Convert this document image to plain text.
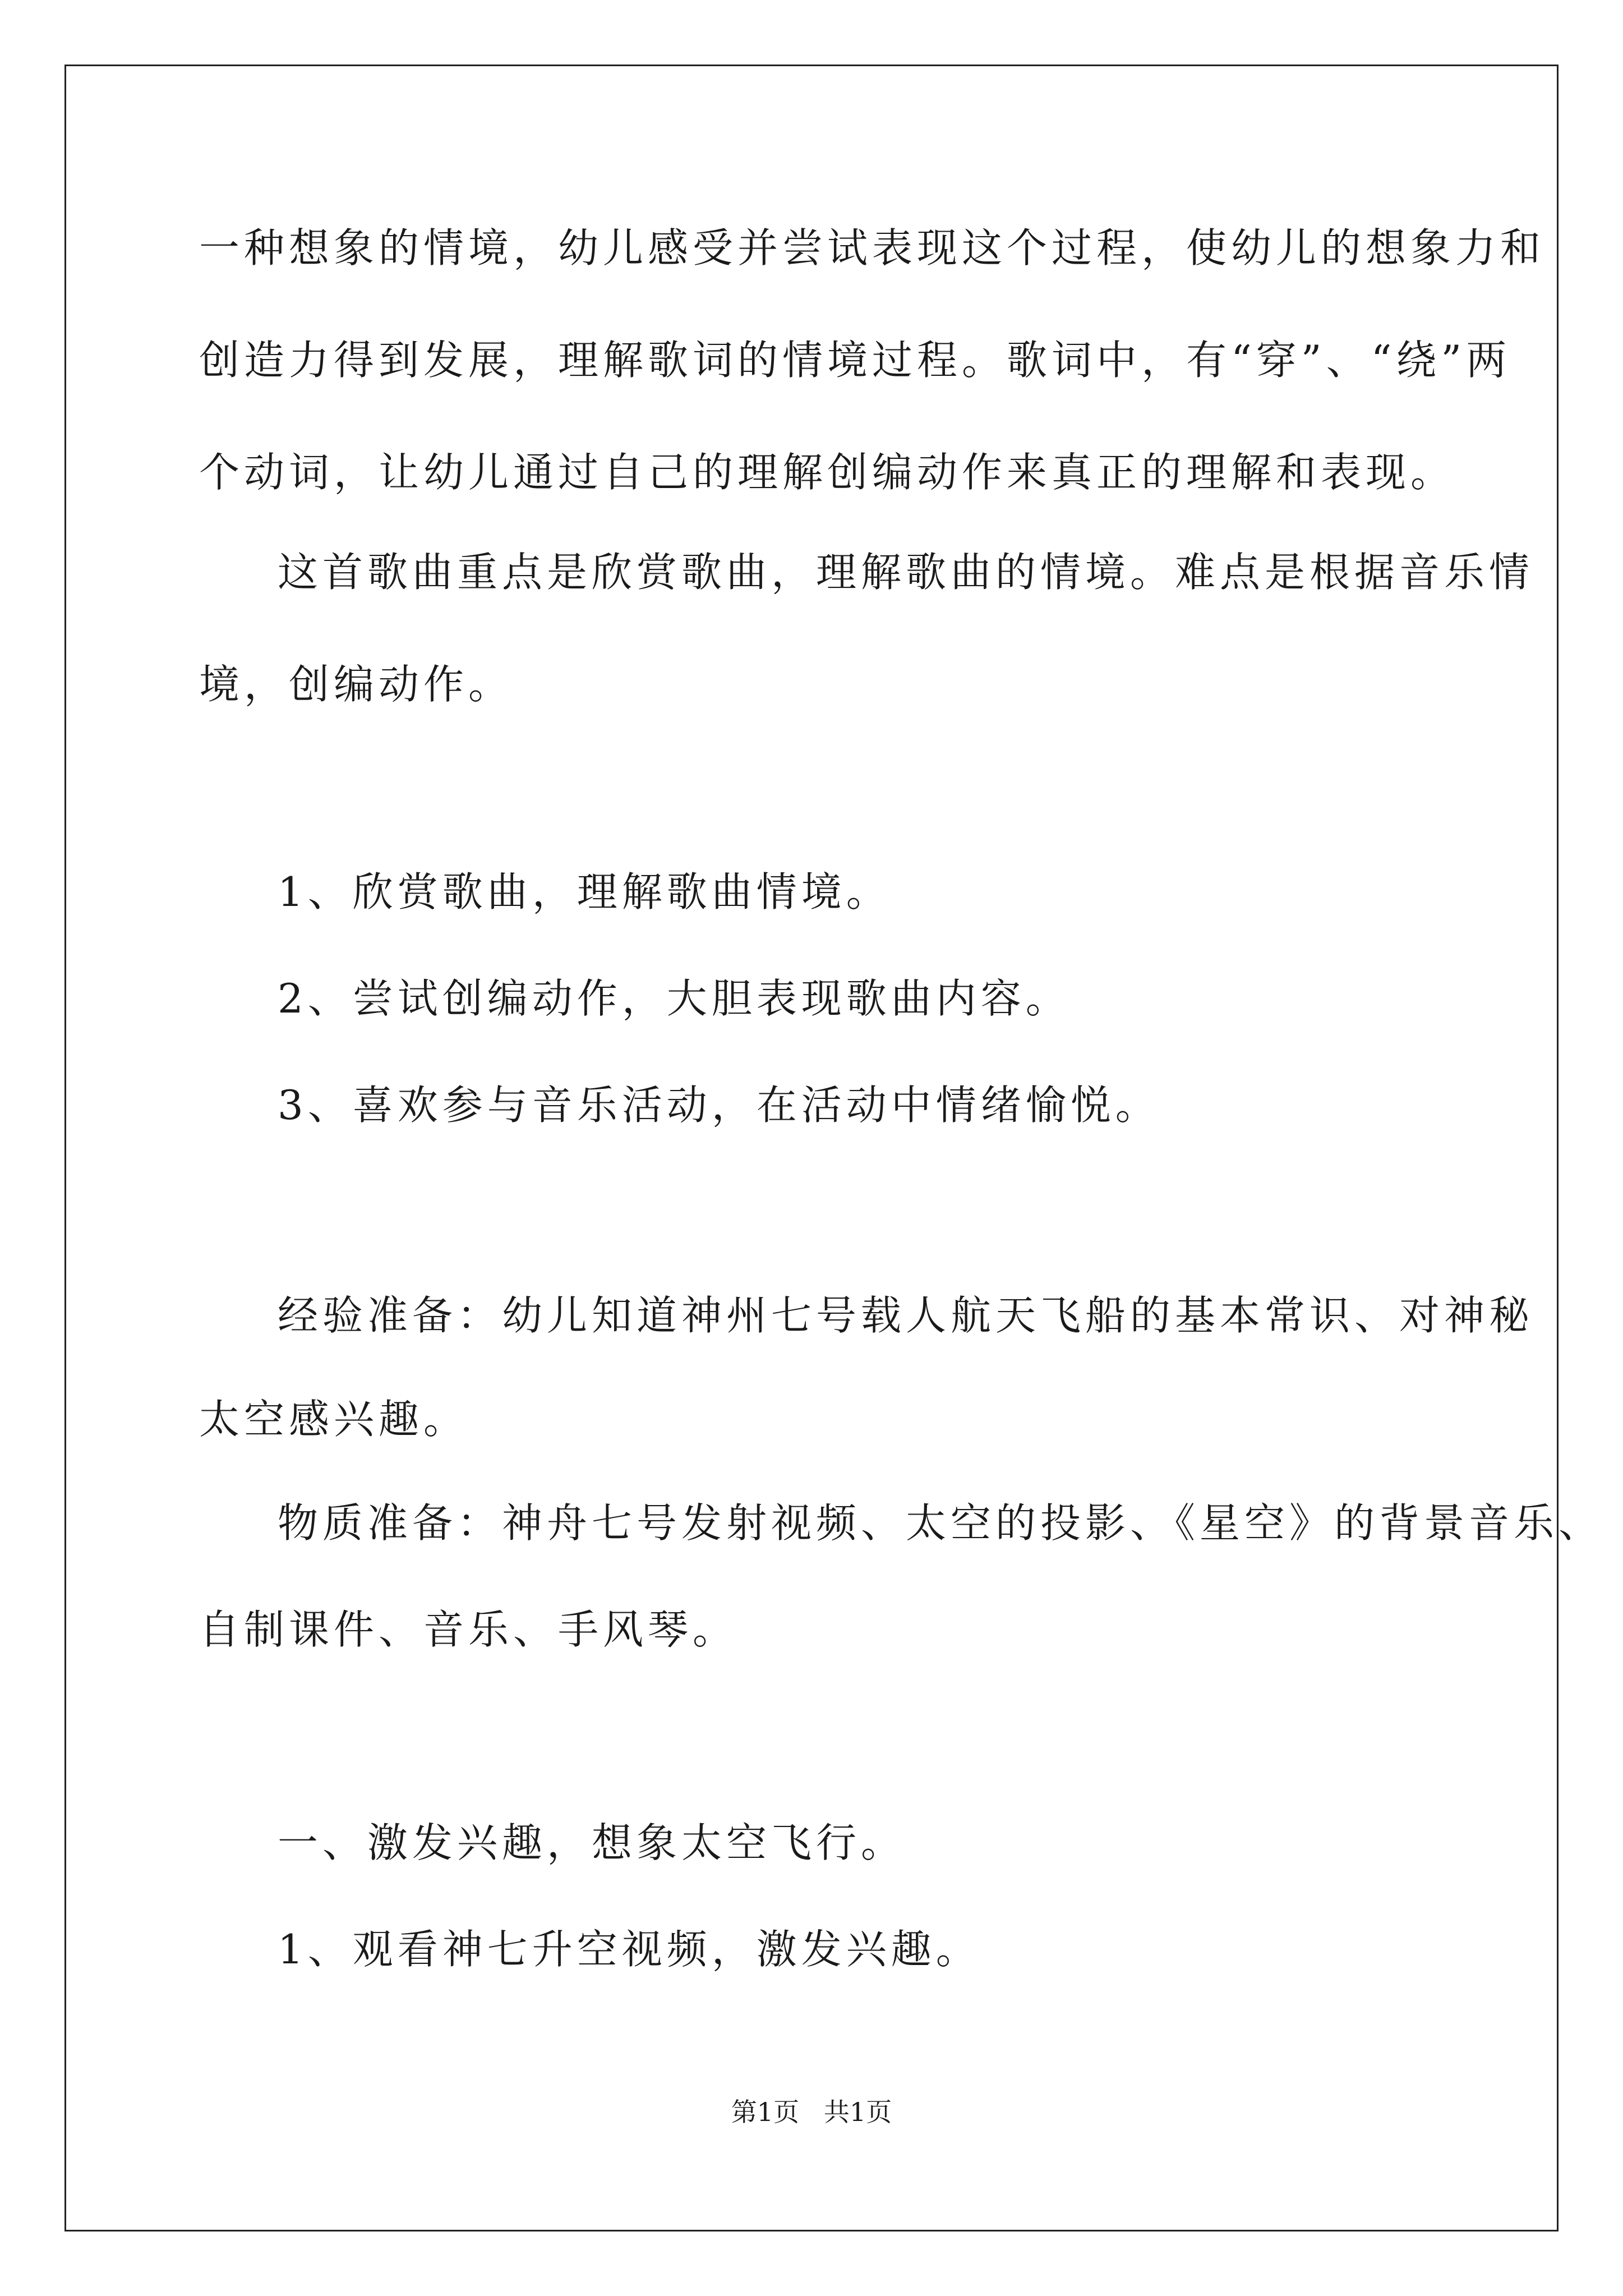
一种想象的情境，幼儿感受并尝试表现这个过程，使幼儿的想象力和
创造力得到发展，理解歌词的情境过程。歌词中，有“穿”、“绕”两
个动词，让幼儿通过自己的理解创编动作来真正的理解和表现。
这首歌曲重点是欣赏歌曲，理解歌曲的情境。难点是根据音乐情
境，创编动作。
1、欣赏歌曲，理解歌曲情境。
2、尝试创编动作，大胆表现歌曲内容。
3、喜欢参与音乐活动，在活动中情绪愉悦。
经验准备：幼儿知道神州七号载人航天飞船的基本常识、对神秘
太空感兴趣。
物质准备：神舟七号发射视频、太空的投影、《星空》的背景音乐、
自制课件、音乐、手风琴。
一、激发兴趣，想象太空飞行。
1、观看神七升空视频，激发兴趣。
第1页   共1页
